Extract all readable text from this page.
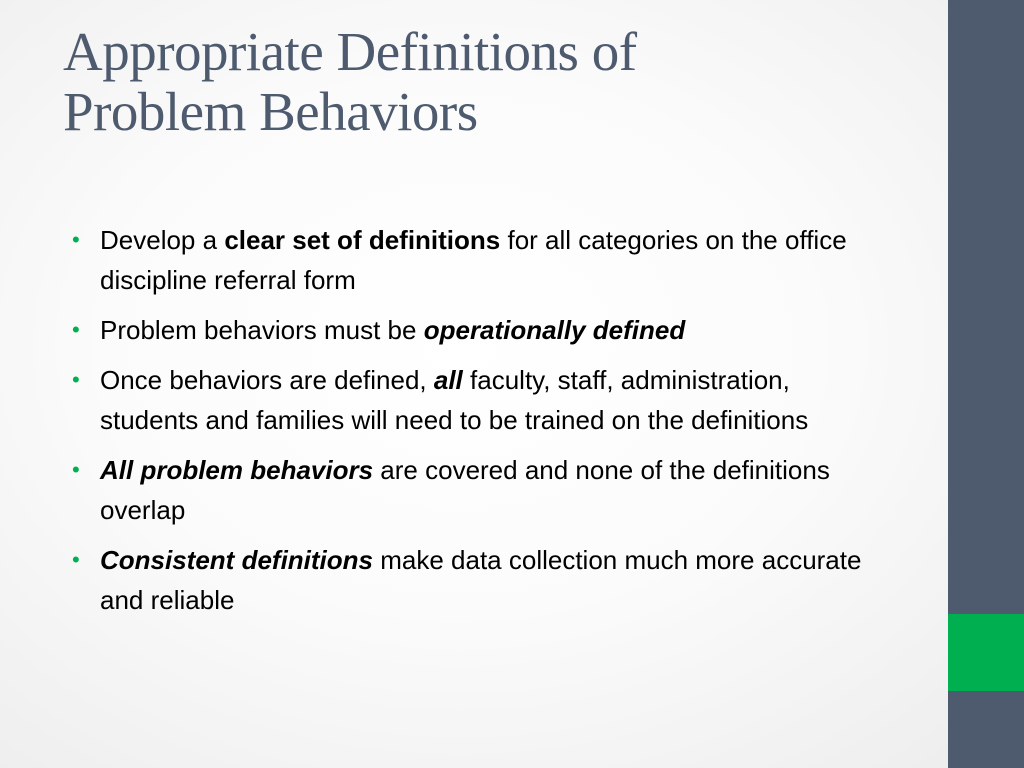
Appropriate Definitions of
Problem Behaviors
• Develop a clear set of definitions for all categories on the office discipline referral form
• Problem behaviors must be operationally defined
• Once behaviors are defined, all faculty, staff, administration, students and families will need to be trained on the definitions
• All problem behaviors are covered and none of the definitions overlap
• Consistent definitions make data collection much more accurate and reliable
